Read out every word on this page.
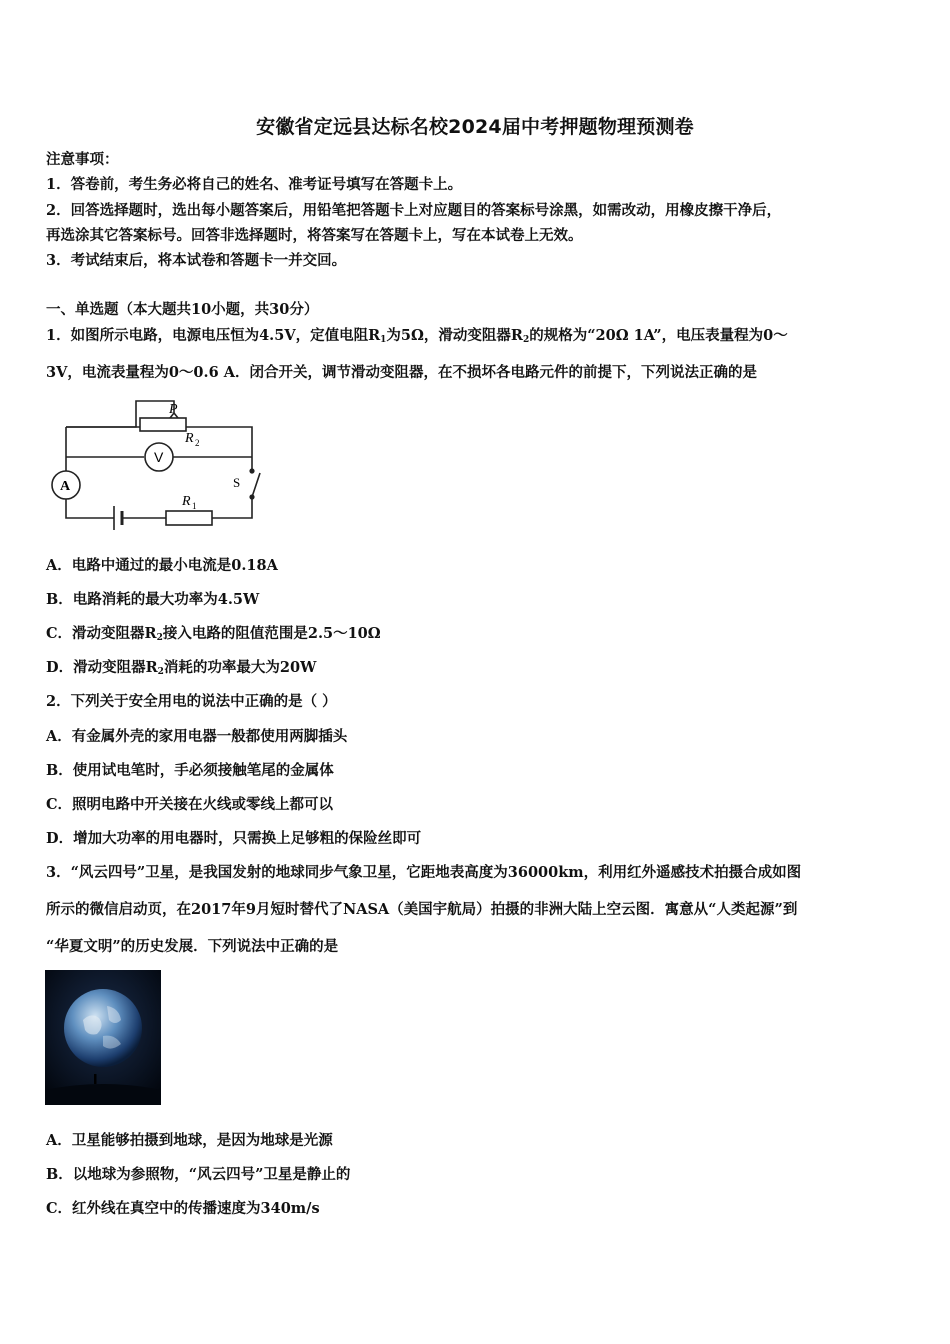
安徽省定远县达标名校2024届中考押题物理预测卷
注意事项：
1．答卷前，考生务必将自己的姓名、准考证号填写在答题卡上。
2．回答选择题时，选出每小题答案后，用铅笔把答题卡上对应题目的答案标号涂黑，如需改动，用橡皮擦干净后，
再选涂其它答案标号。回答非选择题时，将答案写在答题卡上，写在本试卷上无效。
3．考试结束后，将本试卷和答题卡一并交回。
一、单选题（本大题共10小题，共30分）
1．如图所示电路，电源电压恒为4.5V，定值电阻$R_1$为5Ω，滑动变阻器$R_2$的规格为“20Ω 1A”，电压表量程为0～
3V，电流表量程为0～0.6 A．闭合开关，调节滑动变阻器，在不损坏各电路元件的前提下，下列说法正确的是
P
R 2
V
A	S
R 1
A．电路中通过的最小电流是0.18A
B．电路消耗的最大功率为4.5W
C．滑动变阻器$R_2$接入电路的阻值范围是2.5～10Ω
D．滑动变阻器$R_2$消耗的功率最大为20W
2．下列关于安全用电的说法中正确的是（ ）
A．有金属外壳的家用电器一般都使用两脚插头
B．使用试电笔时，手必须接触笔尾的金属体
C．照明电路中开关接在火线或零线上都可以
D．增加大功率的用电器时，只需换上足够粗的保险丝即可
3．“风云四号”卫星，是我国发射的地球同步气象卫星，它距地表高度为36000km，利用红外遥感技术拍摄合成如图
所示的微信启动页，在2017年9月短时替代了NASA（美国宇航局）拍摄的非洲大陆上空云图．寓意从“人类起源”到
“华夏文明”的历史发展．下列说法中正确的是
A．卫星能够拍摄到地球，是因为地球是光源
B．以地球为参照物，“风云四号”卫星是静止的
C．红外线在真空中的传播速度为340m/s
